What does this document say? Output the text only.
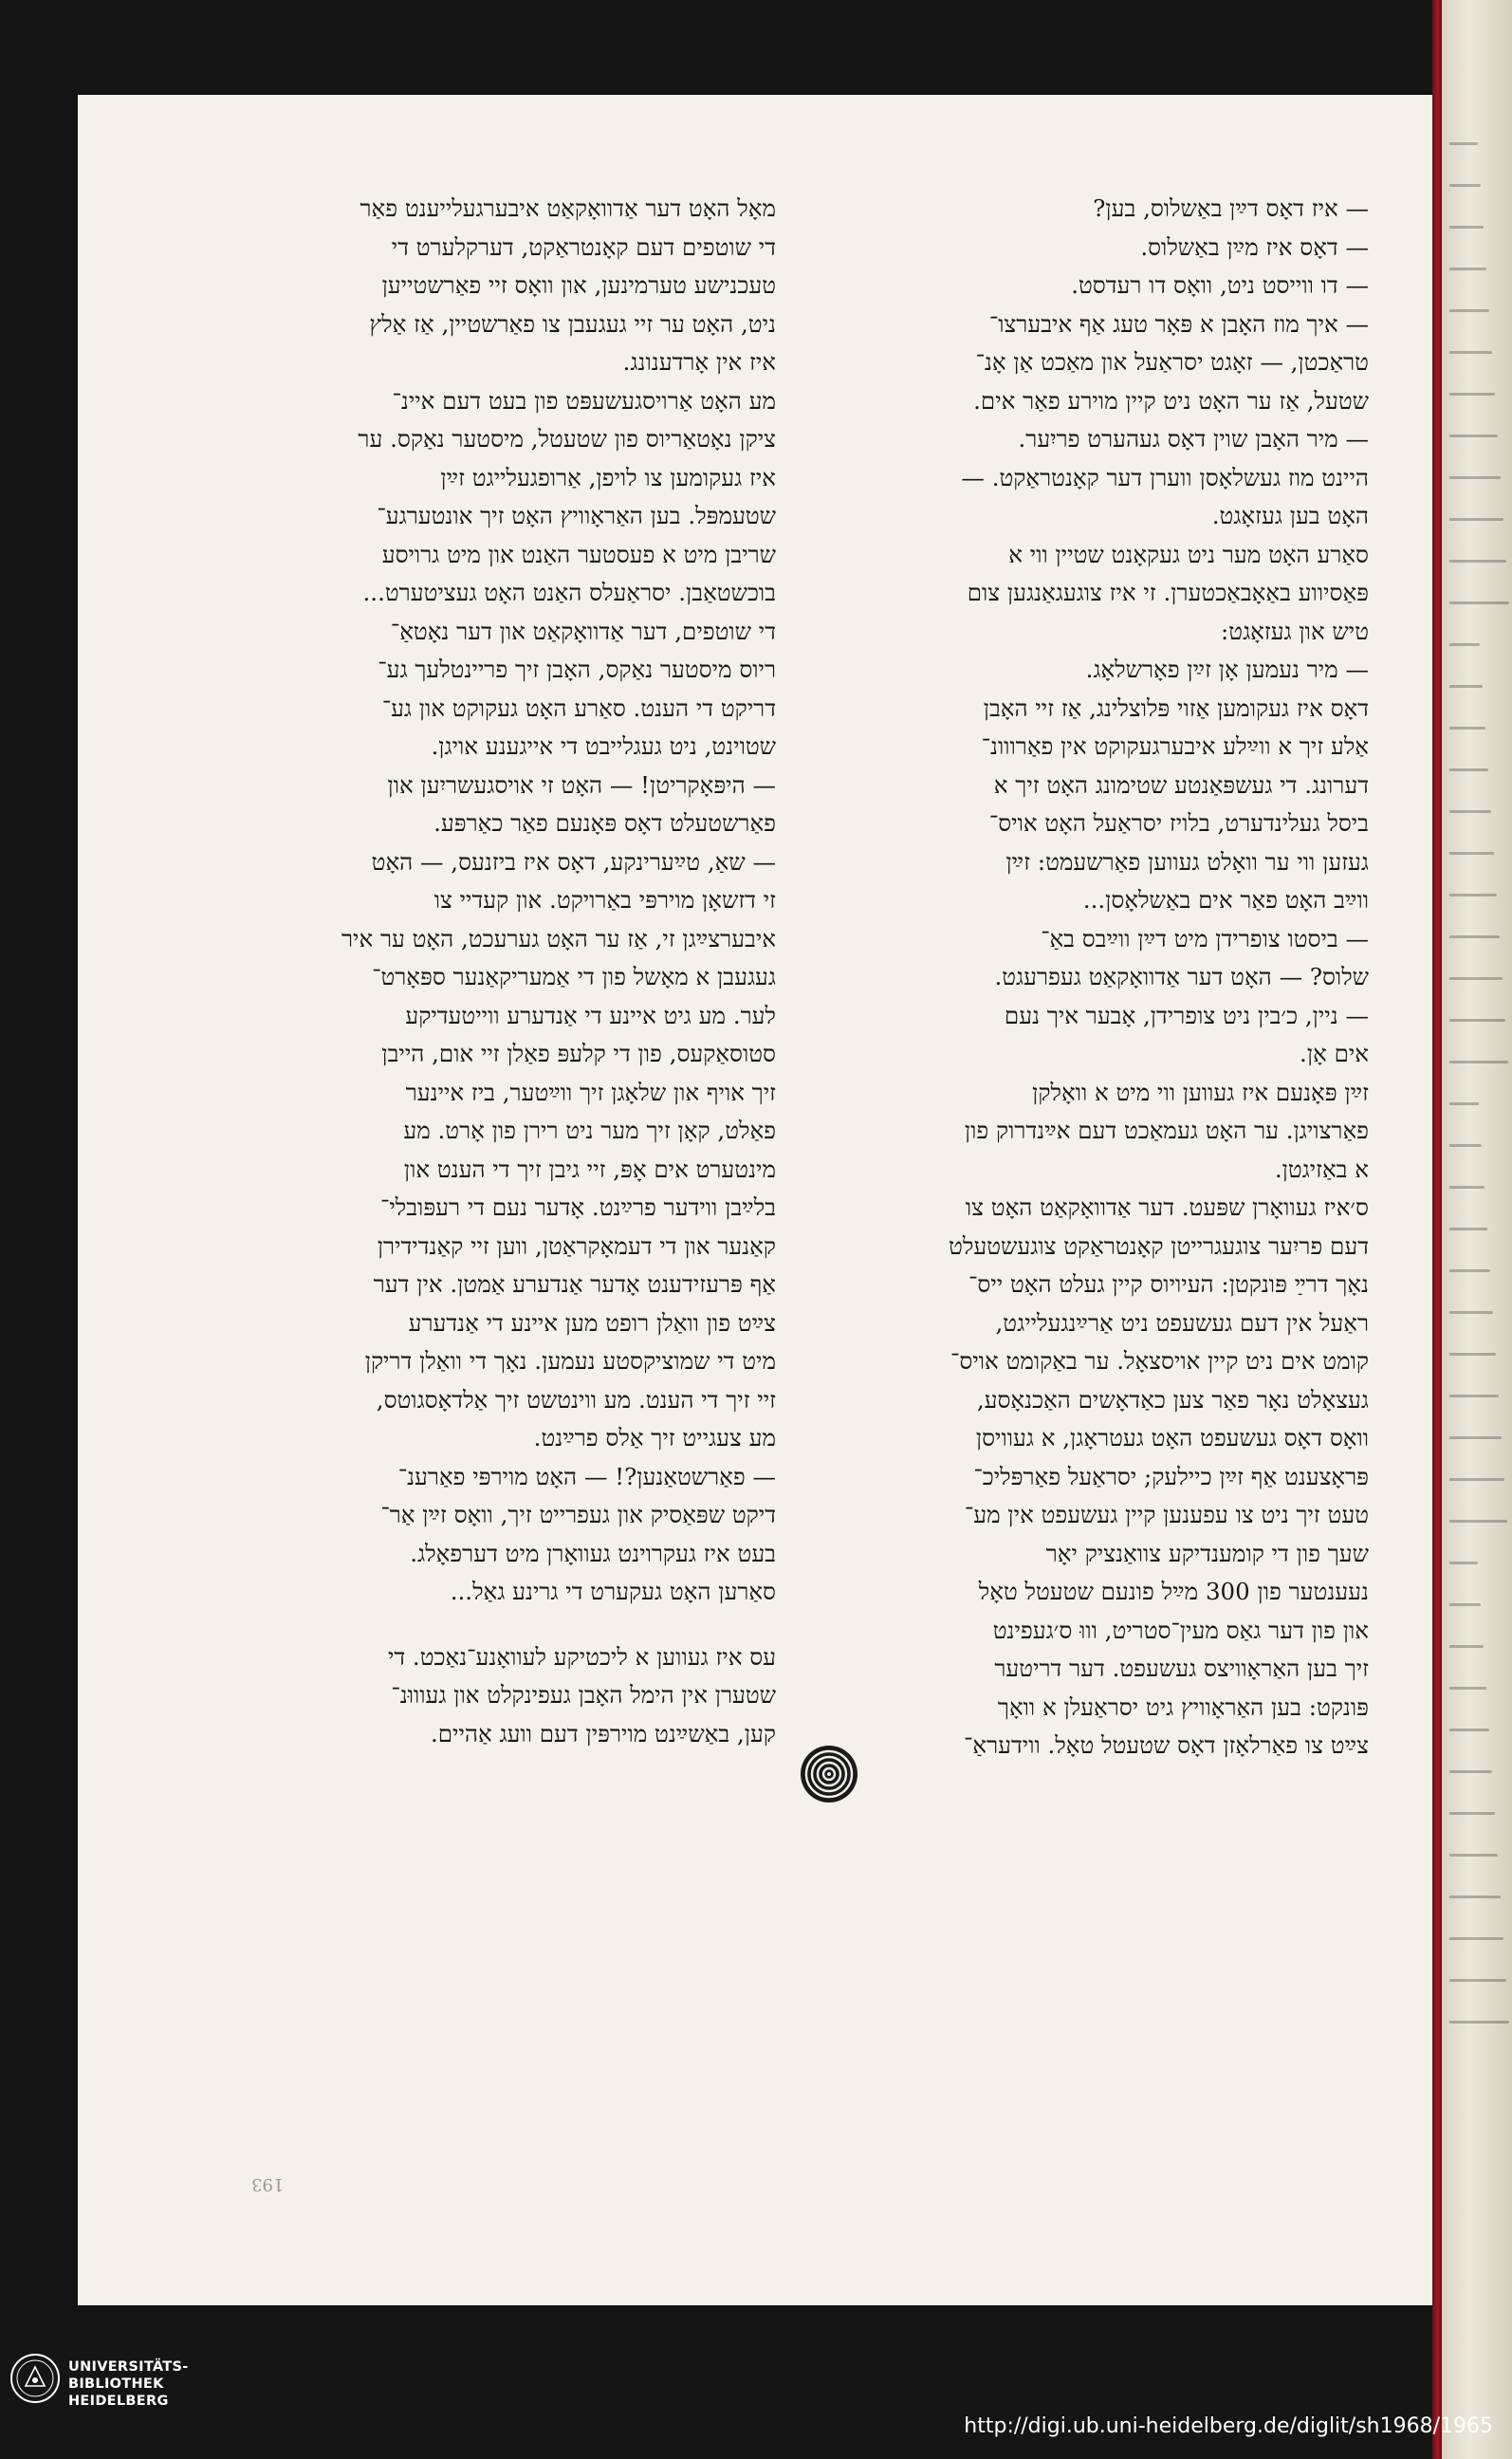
— איז דאָס דײַן באַשלוס, בען?

— דאָס איז מײַן באַשלוס.

— דו ווייסט ניט, וואָס דו רעדסט.

— איך מוז האָבן א פּאָר טעג אַף איבערצו־

טראַכטן, — זאָגט יסראַעל און מאַכט אַן אָנ־

שטעל, אַז ער האָט ניט קיין מוירע פאַר אים.

— מיר האָבן שוין דאָס געהערט פריִער.

היינט מוז געשלאָסן ווערן דער קאָנטראַקט. —

האָט בען געזאָגט.

סאַרע האָט מער ניט געקאָנט שטיין ווי א

פּאַסיווע באַאָבאַכטערן. זי איז צוגעגאַנגען צום

טיש און געזאָגט:

— מיר נעמען אָן זײַן פאָרשלאָג.

דאָס איז געקומען אַזוי פּלוצלינג, אַז זיי האָבן

אַלע זיך א ווײַלע איבערגעקוקט אין פאַרווונ־

דערונג. די געשפּאַנטע שטימונג האָט זיך א

ביסל געלינדערט, בלויז יסראַעל האָט אויס־

געזען ווי ער וואָלט געווען פאַרשעמט: זײַן

ווײַב האָט פאַר אים באַשלאָסן...

— ביסטו צופרידן מיט דײַן ווײַבס באַ־

שלוס? — האָט דער אַדוואָקאַט געפרעגט.

— ניין, כ׳בין ניט צופרידן, אָבער איך נעם

אים אָן.

זײַן פּאָנעם איז געווען ווי מיט א וואָלקן

פאַרצויגן. ער האָט געמאַכט דעם אײַנדרוק פון

א באַזיגטן.

ס׳איז געוואָרן שפּעט. דער אַדוואָקאַט האָט צו

דעם פריִער צוגעגרייטן קאָנטראַקט צוגעשטעלט

נאָך דרײַ פּונקטן: העיויוס קיין געלט האָט ייס־

ראַעל אין דעם געשעפט ניט אַרײַנגעלייגט,

קומט אים ניט קיין אויסצאָל. ער באַקומט אויס־

געצאָלט נאָר פאַר צען כאַדאָשים האַכנאָסע,

וואָס דאָס געשעפט האָט געטראָגן, א געוויסן

פּראָצענט אַף זײַן כיילעק; יסראַעל פאַרפּליכ־

טעט זיך ניט צו עפענען קיין געשעפט אין מע־

שעך פון די קומענדיקע צוואַנציק יאָר

נעענטער פון 300 מײַל פונעם שטעטל טאָל

און פון דער גאַס מעין־סטריט, וווּ ס׳געפינט

זיך בען האַראָוויצס געשעפט. דער דריטער

פּונקט: בען האַראָוויץ גיט יסראַעלן א וואָך

צײַט צו פאַרלאָזן דאָס שטעטל טאָל. ווידעראַ־

מאָל האָט דער אַדוואָקאַט איבערגעלייענט פאַר

די שוטפים דעם קאָנטראַקט, דערקלערט די

טעכנישע טערמינען, און וואָס זיי פאַרשטייען

ניט, האָט ער זיי געגעבן צו פאַרשטיין, אַז אַלץ

איז אין אָרדענונג.

מע האָט אַרויסגעשעפּט פון בעט דעם איינ־

ציקן נאָטאַריוס פון שטעטל, מיסטער נאַקס. ער

איז געקומען צו לויפן, אַרופגעלייגט זײַן

שטעמפּל. בען האַראָוויץ האָט זיך אונטערגע־

שריבן מיט א פעסטער האַנט און מיט גרויסע

בוכשטאַבן. יסראַעלס האַנט האָט געציטערט...

די שוטפים, דער אַדוואָקאַט און דער נאָטאַ־

ריוס מיסטער נאַקס, האָבן זיך פריינטלעך גע־

דריקט די הענט. סאַרע האָט געקוקט און גע־

שטוינט, ניט געגלייבט די אייגענע אויגן.

— היפּאָקריטן! — האָט זי אויסגעשריִען און

פאַרשטעלט דאָס פּאָנעם פאַר כאַרפּע.

— שאַ, טײַערינקע, דאָס איז ביזנעס, — האָט

זי דזשאָן מוירפּי באַרויקט. און קעדיי צו

איבערצײַגן זי, אַז ער האָט גערעכט, האָט ער איר

געגעבן א מאָשל פון די אַמעריקאַנער ספּאָרט־

לער. מע גיט איינע די אַנדערע ווייטעדיקע

סטוסאַקעס, פון די קלעפּ פאַלן זיי אום, הייבן

זיך אויף און שלאָגן זיך ווײַטער, ביז איינער

פאַלט, קאָן זיך מער ניט רירן פון אָרט. מע

מינטערט אים אָפּ, זיי גיבן זיך די הענט און

בלײַבן ווידער פרײַנט. אָדער נעם די רעפּובלי־

קאַנער און די דעמאָקראַטן, ווען זיי קאַנדידירן

אַף פּרעזידענט אָדער אַנדערע אַמטן. אין דער

צײַט פון וואַלן רופט מען איינע די אַנדערע

מיט די שמוציקסטע נעמען. נאָך די וואַלן דריקן

זיי זיך די הענט. מע ווינטשט זיך אַלדאָסגוטס,

מע צעגייט זיך אַלס פרײַנט.

— פאַרשטאַנען?! — האָט מוירפּי פאַרענ־

דיקט שפּאַסיק און געפרייט זיך, וואָס זײַן אַר־

בעט איז געקרוינט געוואָרן מיט דערפאָלג.

סאַרען האָט געקערט די גרינע גאַל...

עס איז געווען א ליכטיקע לעוואָנע־נאַכט. די

שטערן אין הימל האָבן געפינקלט און געוווּנ־

קען, באַשײַנט מוירפּין דעם וועג אַהיים.

193
UNIVERSITÄTS-
BIBLIOTHEK
HEIDELBERG
http://digi.ub.uni-heidelberg.de/diglit/sh1968/1965
